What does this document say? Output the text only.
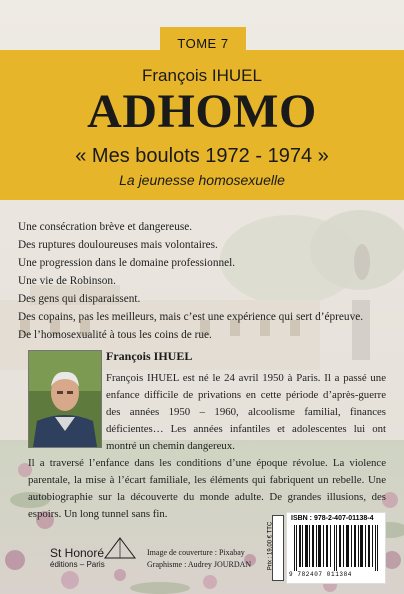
TOME 7
François IHUEL
ADHOMO
« Mes boulots 1972 - 1974 »
La jeunesse homosexuelle
Une consécration brève et dangereuse.
Des ruptures douloureuses mais volontaires.
Une progression dans le domaine professionnel.
Une vie de Robinson.
Des gens qui disparaissent.
Des copains, pas les meilleurs, mais c’est une expérience qui sert d’épreuve.
De l’homosexualité à tous les coins de rue.
François IHUEL
François IHUEL est né le 24 avril 1950 à Paris. Il a passé une enfance difficile de privations en cette période d’après-guerre des années 1950 – 1960, alcoolisme familial, finances déficientes… Les années infantiles et adolescentes lui ont montré un chemin dangereux.
Il a traversé l’enfance dans les conditions d’une époque révolue. La violence parentale, la mise à l’écart familiale, les éléments qui fabriquent un rebelle. Une autobiographie sur la découverte du monde adulte. De grandes illusions, des espoirs. Un long tunnel sans fin.
St Honoré
éditions – Paris
Image de couverture : Pixabay
Graphisme : Audrey JOURDAN	Prix : 19,00 € TTC
ISBN : 978-2-407-01138-4
9 782407 011384
